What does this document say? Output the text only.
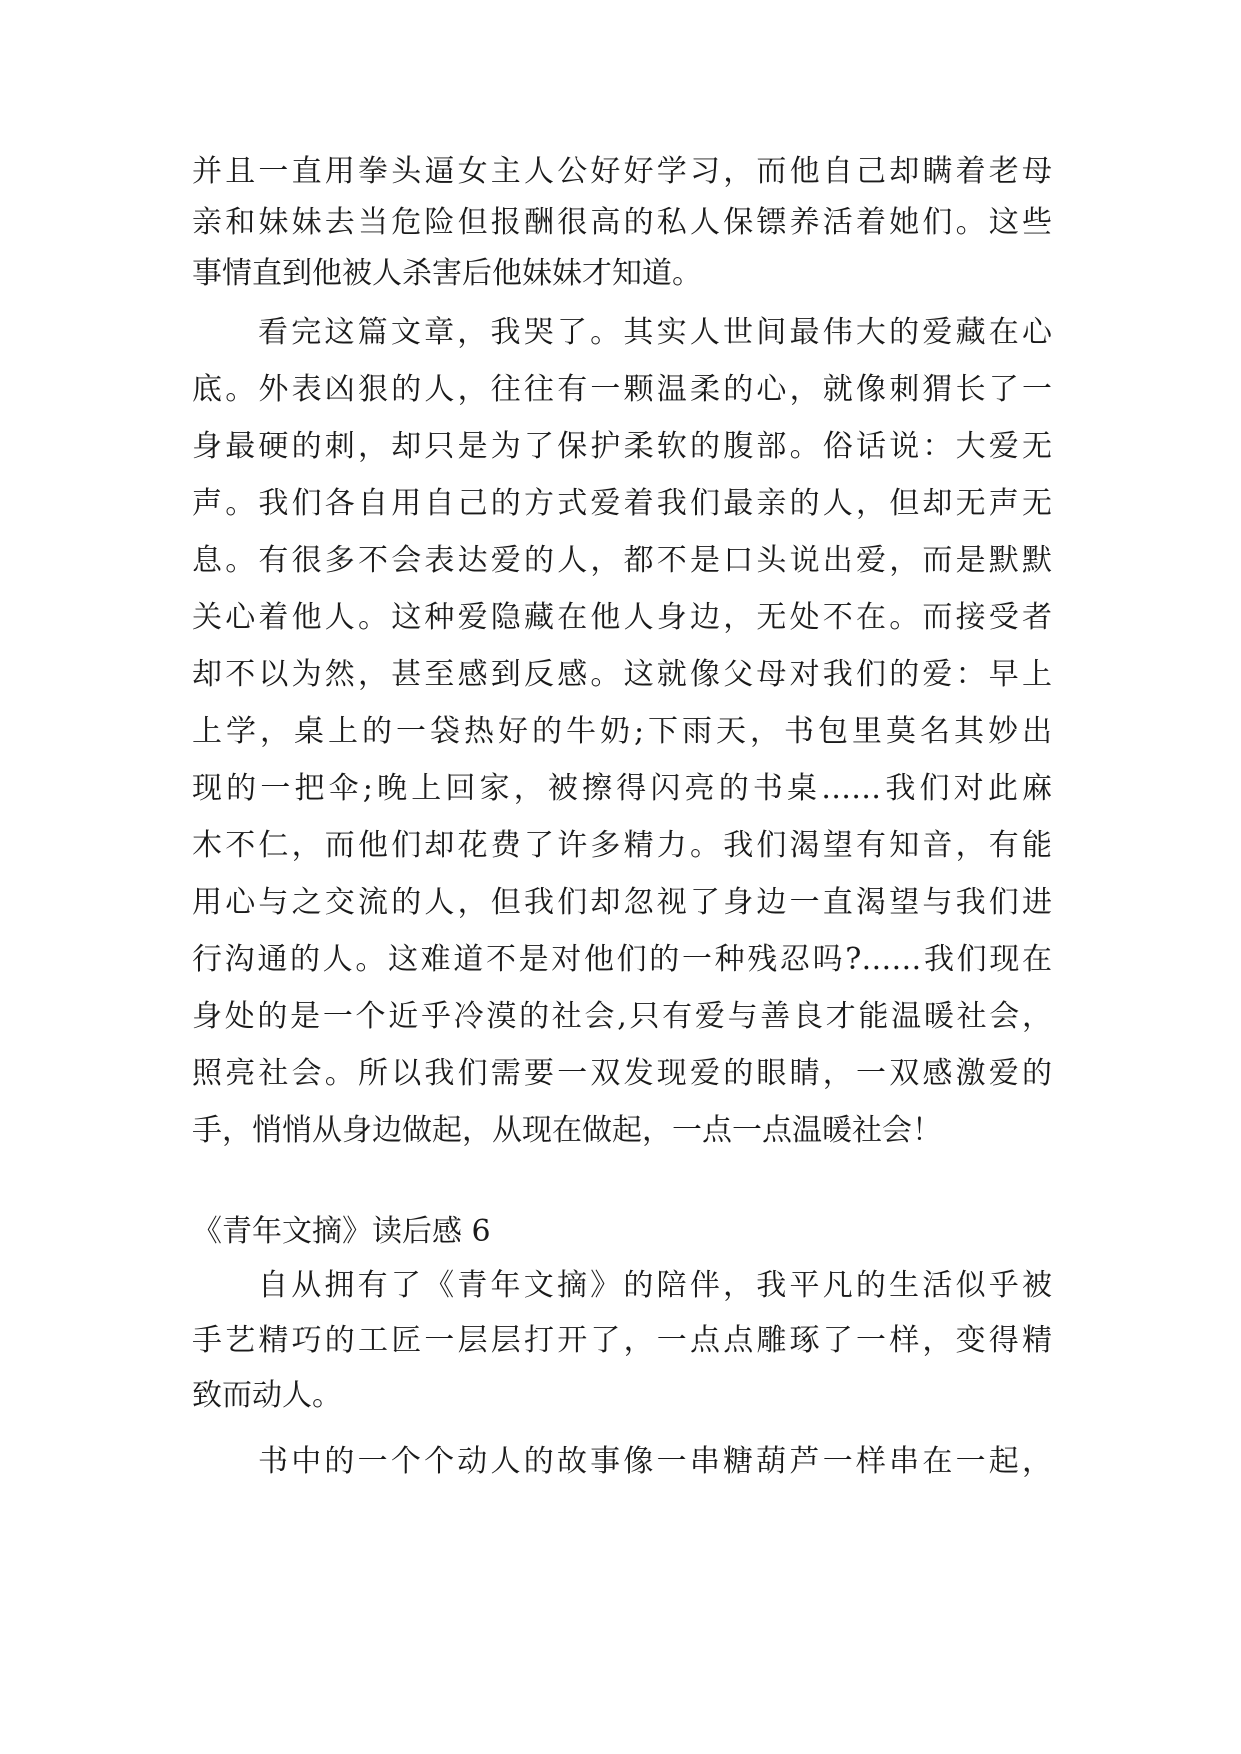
并且一直用拳头逼女主人公好好学习，而他自己却瞒着老母
亲和妹妹去当危险但报酬很高的私人保镖养活着她们。这些
事情直到他被人杀害后他妹妹才知道。
看完这篇文章，我哭了。其实人世间最伟大的爱藏在心
底。外表凶狠的人，往往有一颗温柔的心，就像刺猬长了一
身最硬的刺，却只是为了保护柔软的腹部。俗话说：大爱无
声。我们各自用自己的方式爱着我们最亲的人，但却无声无
息。有很多不会表达爱的人，都不是口头说出爱，而是默默
关心着他人。这种爱隐藏在他人身边，无处不在。而接受者
却不以为然，甚至感到反感。这就像父母对我们的爱：早上
上学，桌上的一袋热好的牛奶;下雨天，书包里莫名其妙出
现的一把伞;晚上回家，被擦得闪亮的书桌……我们对此麻
木不仁，而他们却花费了许多精力。我们渴望有知音，有能
用心与之交流的人，但我们却忽视了身边一直渴望与我们进
行沟通的人。这难道不是对他们的一种残忍吗?……我们现在
身处的是一个近乎冷漠的社会,只有爱与善良才能温暖社会，
照亮社会。所以我们需要一双发现爱的眼睛，一双感激爱的
手，悄悄从身边做起，从现在做起，一点一点温暖社会！
《青年文摘》读后感 6
自从拥有了《青年文摘》的陪伴，我平凡的生活似乎被
手艺精巧的工匠一层层打开了，一点点雕琢了一样，变得精
致而动人。
书中的一个个动人的故事像一串糖葫芦一样串在一起，
